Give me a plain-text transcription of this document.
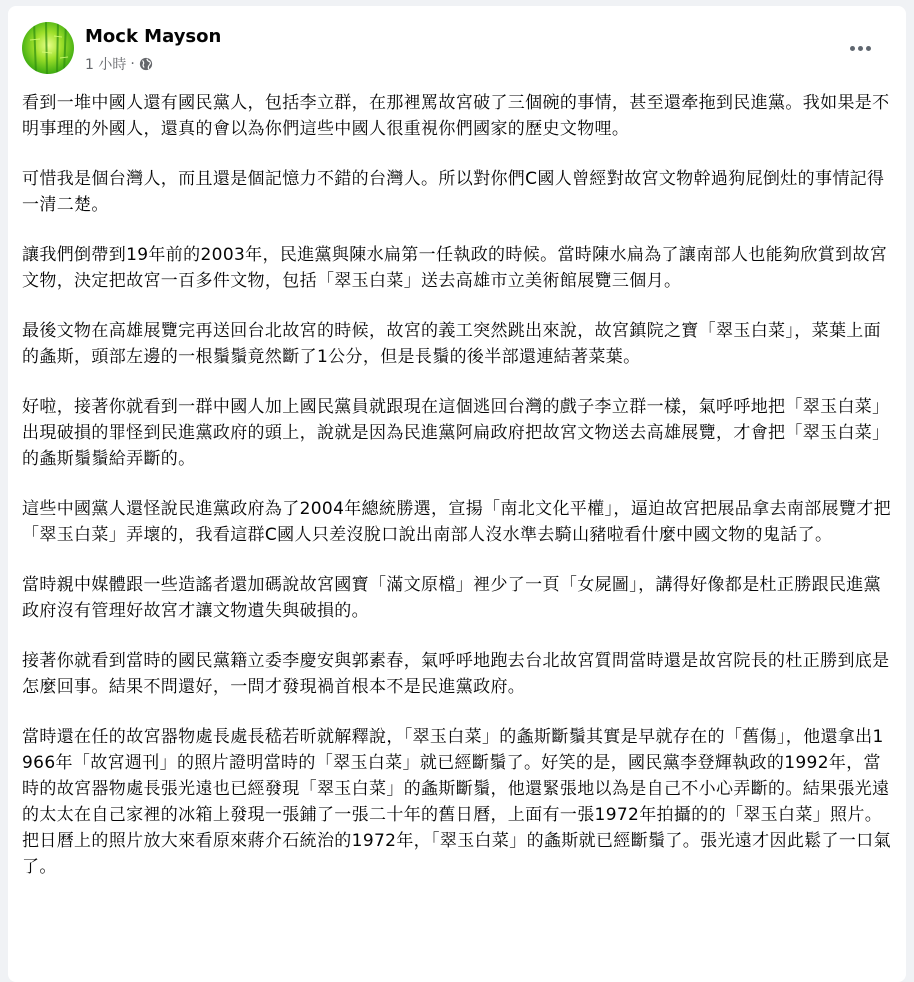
Mock Mayson
1 小時 ·

看到一堆中國人還有國民黨人，包括李立群，在那裡罵故宮破了三個碗的事情，甚至還牽拖到民進黨。我如果是不明事理的外國人，還真的會以為你們這些中國人很重視你們國家的歷史文物哩。

可惜我是個台灣人，而且還是個記憶力不錯的台灣人。所以對你們C國人曾經對故宮文物幹過狗屁倒灶的事情記得一清二楚。

讓我們倒帶到19年前的2003年，民進黨與陳水扁第一任執政的時候。當時陳水扁為了讓南部人也能夠欣賞到故宮文物，決定把故宮一百多件文物，包括「翠玉白菜」送去高雄市立美術館展覽三個月。

最後文物在高雄展覽完再送回台北故宮的時候，故宮的義工突然跳出來說，故宮鎮院之寶「翠玉白菜」，菜葉上面的螽斯，頭部左邊的一根鬚鬚竟然斷了1公分，但是長鬚的後半部還連結著菜葉。

好啦，接著你就看到一群中國人加上國民黨員就跟現在這個逃回台灣的戲子李立群一樣，氣呼呼地把「翠玉白菜」出現破損的罪怪到民進黨政府的頭上，說就是因為民進黨阿扁政府把故宮文物送去高雄展覽，才會把「翠玉白菜」的螽斯鬚鬚給弄斷的。

這些中國黨人還怪說民進黨政府為了2004年總統勝選，宣揚「南北文化平權」，逼迫故宮把展品拿去南部展覽才把「翠玉白菜」弄壞的，我看這群C國人只差沒脫口說出南部人沒水準去騎山豬啦看什麼中國文物的鬼話了。

當時親中媒體跟一些造謠者還加碼說故宮國寶「滿文原檔」裡少了一頁「女屍圖」，講得好像都是杜正勝跟民進黨政府沒有管理好故宮才讓文物遺失與破損的。

接著你就看到當時的國民黨籍立委李慶安與郭素春，氣呼呼地跑去台北故宮質問當時還是故宮院長的杜正勝到底是怎麼回事。結果不問還好，一問才發現禍首根本不是民進黨政府。

當時還在任的故宮器物處長處長嵇若昕就解釋說，「翠玉白菜」的螽斯斷鬚其實是早就存在的「舊傷」，他還拿出1966年「故宮週刊」的照片證明當時的「翠玉白菜」就已經斷鬚了。好笑的是，國民黨李登輝執政的1992年，當時的故宮器物處長張光遠也已經發現「翠玉白菜」的螽斯斷鬚，他還緊張地以為是自己不小心弄斷的。結果張光遠的太太在自己家裡的冰箱上發現一張鋪了一張二十年的舊日曆，上面有一張1972年拍攝的的「翠玉白菜」照片。把日曆上的照片放大來看原來蔣介石統治的1972年，「翠玉白菜」的螽斯就已經斷鬚了。張光遠才因此鬆了一口氣了。
